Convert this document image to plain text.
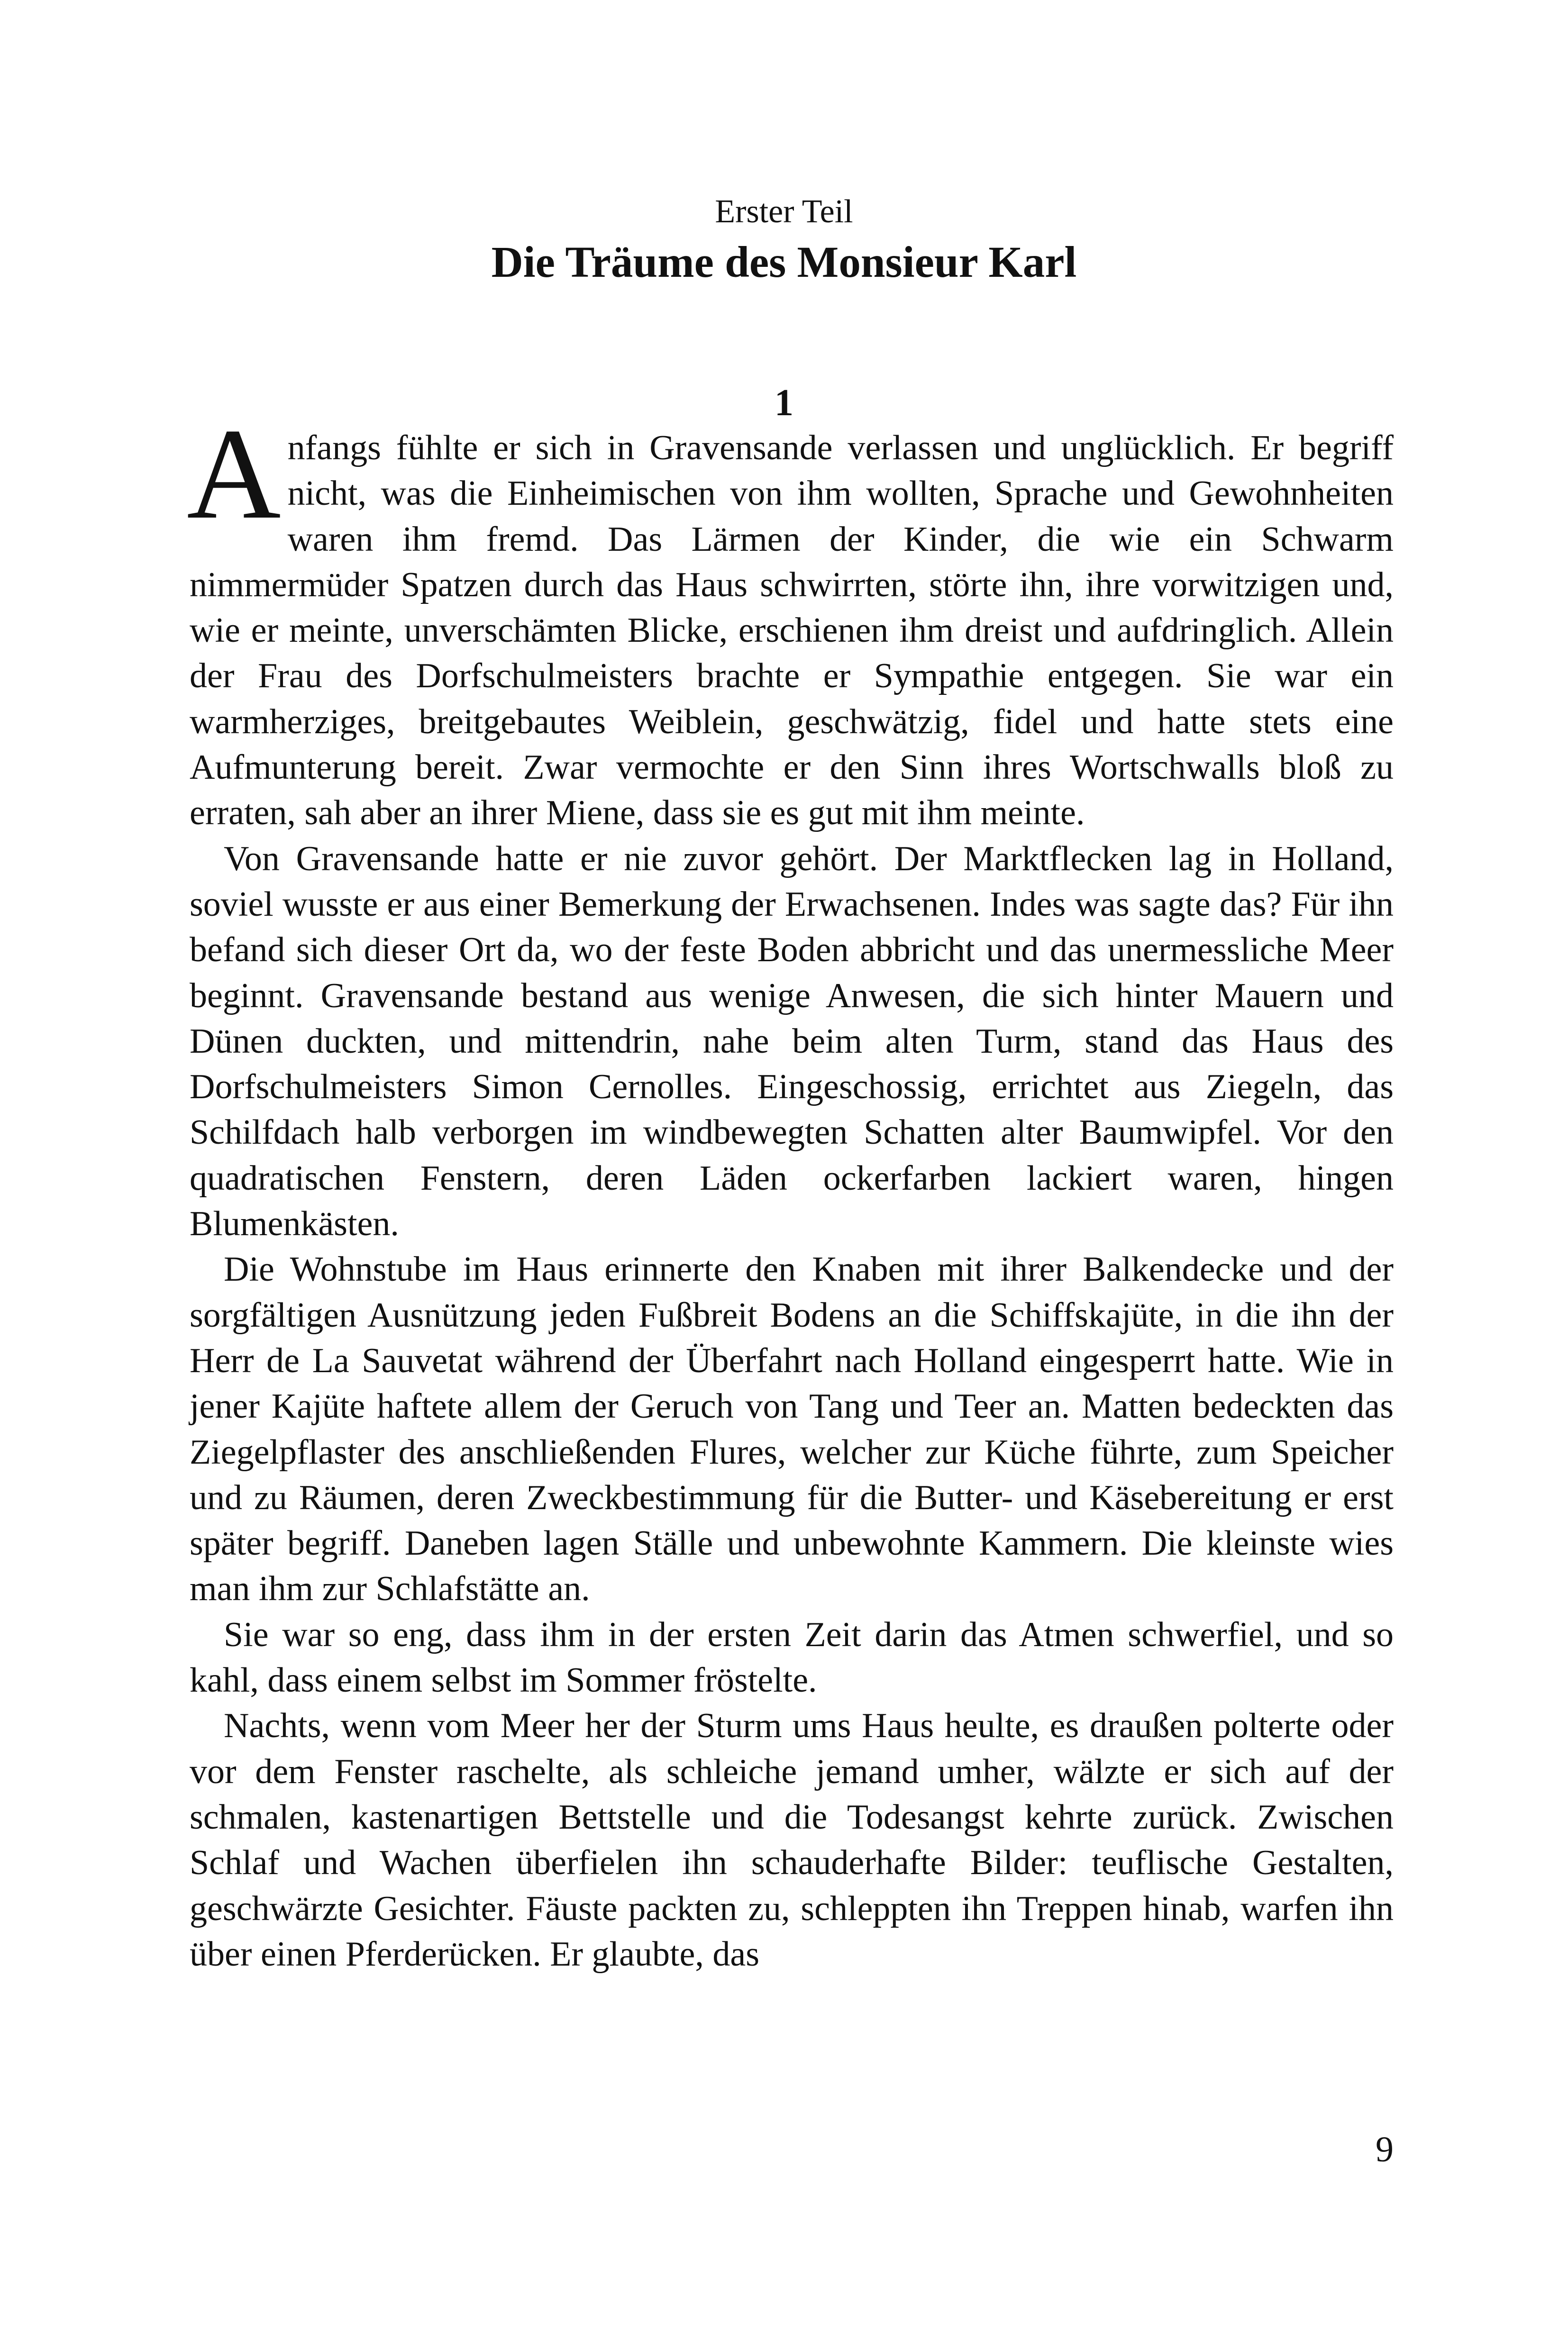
Erster Teil
Die Träume des Monsieur Karl
1

Anfangs fühlte er sich in Gravensande verlassen und unglücklich. Er begriff nicht, was die Einheimischen von ihm wollten, Sprache und Gewohnheiten waren ihm fremd. Das Lärmen der Kinder, die wie ein Schwarm nimmermüder Spatzen durch das Haus schwirrten, störte ihn, ihre vorwitzigen und, wie er meinte, unverschämten Blicke, erschienen ihm dreist und aufdringlich. Allein der Frau des Dorfschulmeisters brachte er Sympathie entgegen. Sie war ein warmherziges, breitgebautes Weiblein, geschwätzig, fidel und hatte stets eine Aufmunterung bereit. Zwar vermochte er den Sinn ihres Wortschwalls bloß zu erraten, sah aber an ihrer Miene, dass sie es gut mit ihm meinte.

Von Gravensande hatte er nie zuvor gehört. Der Marktflecken lag in Holland, soviel wusste er aus einer Bemerkung der Erwachsenen. Indes was sagte das? Für ihn befand sich dieser Ort da, wo der feste Boden abbricht und das unermessliche Meer beginnt. Gravensande bestand aus wenige Anwesen, die sich hinter Mauern und Dünen duckten, und mittendrin, nahe beim alten Turm, stand das Haus des Dorfschulmeisters Simon Cernolles. Eingeschossig, errichtet aus Ziegeln, das Schilfdach halb verborgen im windbewegten Schatten alter Baumwipfel. Vor den quadratischen Fenstern, deren Läden ockerfarben lackiert waren, hingen Blumenkästen.

Die Wohnstube im Haus erinnerte den Knaben mit ihrer Balkendecke und der sorgfältigen Ausnützung jeden Fußbreit Bodens an die Schiffskajüte, in die ihn der Herr de La Sauvetat während der Überfahrt nach Holland eingesperrt hatte. Wie in jener Kajüte haftete allem der Geruch von Tang und Teer an. Matten bedeckten das Ziegelpflaster des anschließenden Flures, welcher zur Küche führte, zum Speicher und zu Räumen, deren Zweckbestimmung für die Butter- und Käsebereitung er erst später begriff. Daneben lagen Ställe und unbewohnte Kammern. Die kleinste wies man ihm zur Schlafstätte an.

Sie war so eng, dass ihm in der ersten Zeit darin das Atmen schwerfiel, und so kahl, dass einem selbst im Sommer fröstelte.

Nachts, wenn vom Meer her der Sturm ums Haus heulte, es draußen polterte oder vor dem Fenster raschelte, als schleiche jemand umher, wälzte er sich auf der schmalen, kastenartigen Bettstelle und die Todesangst kehrte zurück. Zwischen Schlaf und Wachen überfielen ihn schauderhafte Bilder: teuflische Gestalten, geschwärzte Gesichter. Fäuste packten zu, schleppten ihn Treppen hinab, warfen ihn über einen Pferderücken. Er glaubte, das

9
